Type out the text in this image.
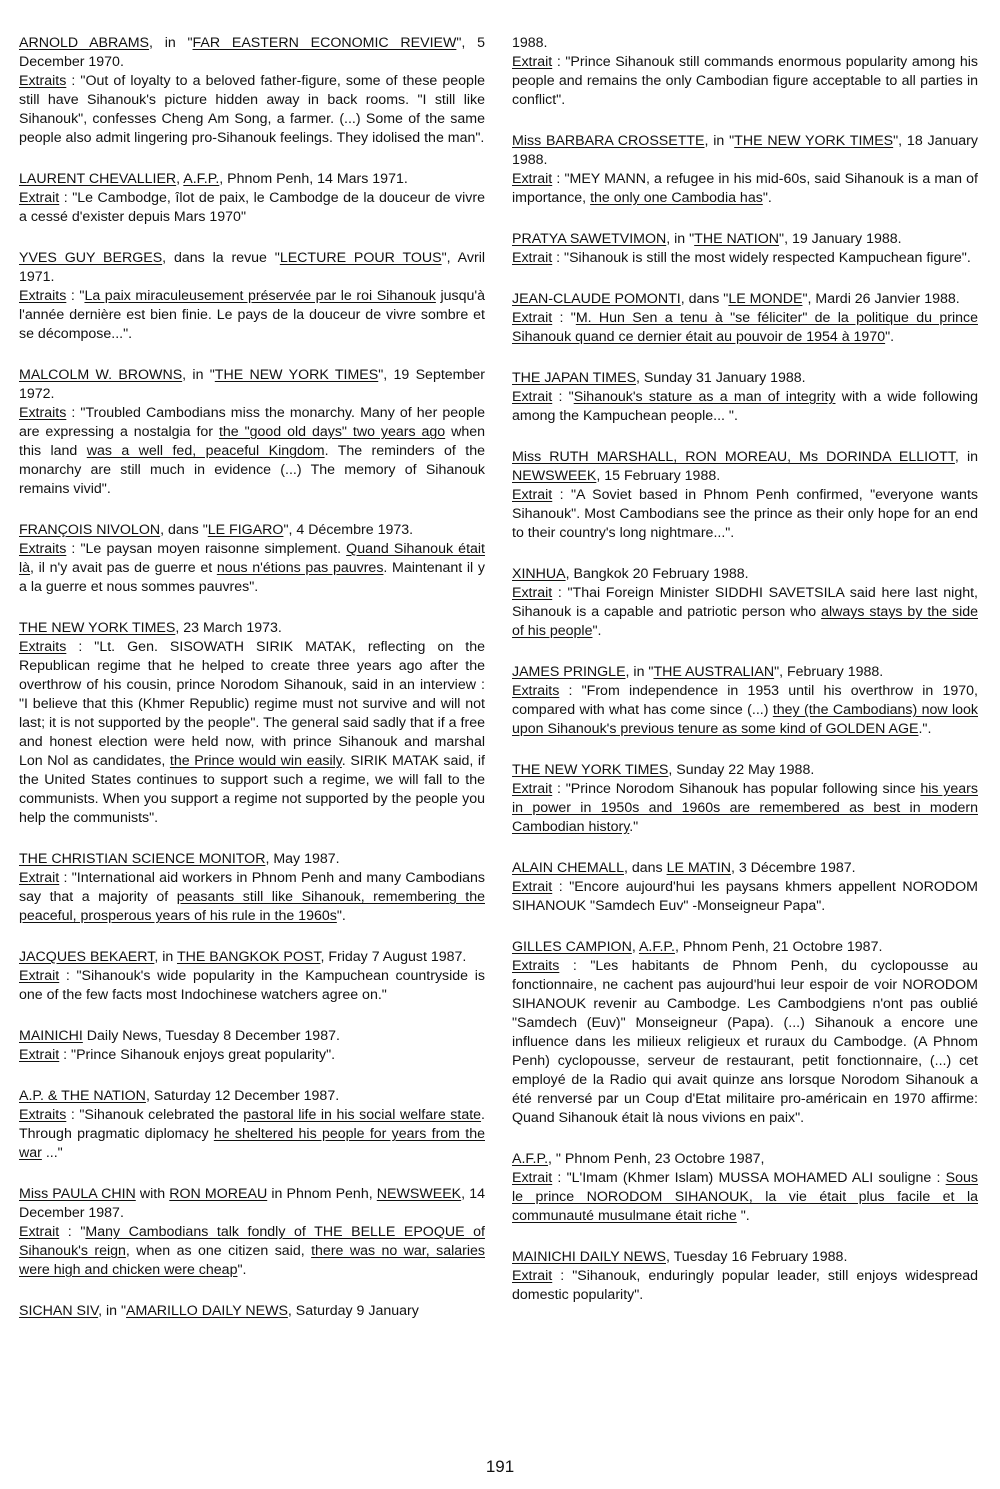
ARNOLD ABRAMS, in "FAR EASTERN ECONOMIC REVIEW", 5 December 1970.

Extraits : "Out of loyalty to a beloved father-figure, some of these people still have Sihanouk's picture hidden away in back rooms. "I still like Sihanouk", confesses Cheng Am Song, a farmer. (...) Some of the same people also admit lingering pro-Sihanouk feelings. They idolised the man".

LAURENT CHEVALLIER, A.F.P., Phnom Penh, 14 Mars 1971.

Extrait : "Le Cambodge, îlot de paix, le Cambodge de la douceur de vivre a cessé d'exister depuis Mars 1970"

YVES GUY BERGES, dans la revue "LECTURE POUR TOUS", Avril 1971.

Extraits : "La paix miraculeusement préservée par le roi Sihanouk jusqu'à l'année dernière est bien finie. Le pays de la douceur de vivre sombre et se décompose...".

MALCOLM W. BROWNS, in "THE NEW YORK TIMES", 19 September 1972.

Extraits : "Troubled Cambodians miss the monarchy. Many of her people are expressing a nostalgia for the "good old days" two years ago when this land was a well fed, peaceful Kingdom. The reminders of the monarchy are still much in evidence (...) The memory of Sihanouk remains vivid".

FRANÇOIS NIVOLON, dans "LE FIGARO", 4 Décembre 1973.

Extraits : "Le paysan moyen raisonne simplement. Quand Sihanouk était là, il n'y avait pas de guerre et nous n'étions pas pauvres. Maintenant il y a la guerre et nous sommes pauvres".

THE NEW YORK TIMES, 23 March 1973.

Extraits : "Lt. Gen. SISOWATH SIRIK MATAK, reflecting on the Republican regime that he helped to create three years ago after the overthrow of his cousin, prince Norodom Sihanouk, said in an interview : "I believe that this (Khmer Republic) regime must not survive and will not last; it is not supported by the people". The general said sadly that if a free and honest election were held now, with prince Sihanouk and marshal Lon Nol as candidates, the Prince would win easily. SIRIK MATAK said, if the United States continues to support such a regime, we will fall to the communists. When you support a regime not supported by the people you help the communists".

THE CHRISTIAN SCIENCE MONITOR, May 1987.

Extrait : "International aid workers in Phnom Penh and many Cambodians say that a majority of peasants still like Sihanouk, remembering the peaceful, prosperous years of his rule in the 1960s".

JACQUES BEKAERT, in THE BANGKOK POST, Friday 7 August 1987.

Extrait : "Sihanouk's wide popularity in the Kampuchean countryside is one of the few facts most Indochinese watchers agree on."

MAINICHI Daily News, Tuesday 8 December 1987.

Extrait : "Prince Sihanouk enjoys great popularity".

A.P. & THE NATION, Saturday 12 December 1987.

Extraits : "Sihanouk celebrated the pastoral life in his social welfare state. Through pragmatic diplomacy he sheltered his people for years from the war ..."

Miss PAULA CHIN with RON MOREAU in Phnom Penh, NEWSWEEK, 14 December 1987.

Extrait : "Many Cambodians talk fondly of THE BELLE EPOQUE of Sihanouk's reign, when as one citizen said, there was no war, salaries were high and chicken were cheap".

SICHAN SIV, in "AMARILLO DAILY NEWS, Saturday 9 January

1988.

Extrait : "Prince Sihanouk still commands enormous popularity among his people and remains the only Cambodian figure acceptable to all parties in conflict".

Miss BARBARA CROSSETTE, in "THE NEW YORK TIMES", 18 January 1988.

Extrait : "MEY MANN, a refugee in his mid-60s, said Sihanouk is a man of importance, the only one Cambodia has".

PRATYA SAWETVIMON, in "THE NATION", 19 January 1988.

Extrait : "Sihanouk is still the most widely respected Kampuchean figure".

JEAN-CLAUDE POMONTI, dans "LE MONDE", Mardi 26 Janvier 1988.

Extrait : "M. Hun Sen a tenu à "se féliciter" de la politique du prince Sihanouk quand ce dernier était au pouvoir de 1954 à 1970".

THE JAPAN TIMES, Sunday 31 January 1988.

Extrait : "Sihanouk's stature as a man of integrity with a wide following among the Kampuchean people... ".

Miss RUTH MARSHALL, RON MOREAU, Ms DORINDA ELLIOTT, in NEWSWEEK, 15 February 1988.

Extrait : "A Soviet based in Phnom Penh confirmed, "everyone wants Sihanouk". Most Cambodians see the prince as their only hope for an end to their country's long nightmare...".

XINHUA, Bangkok 20 February 1988.

Extrait : "Thai Foreign Minister SIDDHI SAVETSILA said here last night, Sihanouk is a capable and patriotic person who always stays by the side of his people".

JAMES PRINGLE, in "THE AUSTRALIAN", February 1988.

Extraits : "From independence in 1953 until his overthrow in 1970, compared with what has come since (...) they (the Cambodians) now look upon Sihanouk's previous tenure as some kind of GOLDEN AGE.".

THE NEW YORK TIMES, Sunday 22 May 1988.

Extrait : "Prince Norodom Sihanouk has popular following since his years in power in 1950s and 1960s are remembered as best in modern Cambodian history."

ALAIN CHEMALL, dans LE MATIN, 3 Décembre 1987.

Extrait : "Encore aujourd'hui les paysans khmers appellent NORODOM SIHANOUK "Samdech Euv" -Monseigneur Papa".

GILLES CAMPION, A.F.P., Phnom Penh, 21 Octobre 1987.

Extraits : "Les habitants de Phnom Penh, du cyclopousse au fonctionnaire, ne cachent pas aujourd'hui leur espoir de voir NORODOM SIHANOUK revenir au Cambodge. Les Cambodgiens n'ont pas oublié "Samdech (Euv)" Monseigneur (Papa). (...) Sihanouk a encore une influence dans les milieux religieux et ruraux du Cambodge. (A Phnom Penh) cyclopousse, serveur de restaurant, petit fonctionnaire, (...) cet employé de la Radio qui avait quinze ans lorsque Norodom Sihanouk a été renversé par un Coup d'Etat militaire pro-américain en 1970 affirme: Quand Sihanouk était là nous vivions en paix".

A.F.P., " Phnom Penh, 23 Octobre 1987,

Extrait : "L'Imam (Khmer Islam) MUSSA MOHAMED ALI souligne : Sous le prince NORODOM SIHANOUK, la vie était plus facile et la communauté musulmane était riche ".

MAINICHI DAILY NEWS, Tuesday 16 February 1988.

Extrait : "Sihanouk, enduringly popular leader, still enjoys widespread domestic popularity".

191
